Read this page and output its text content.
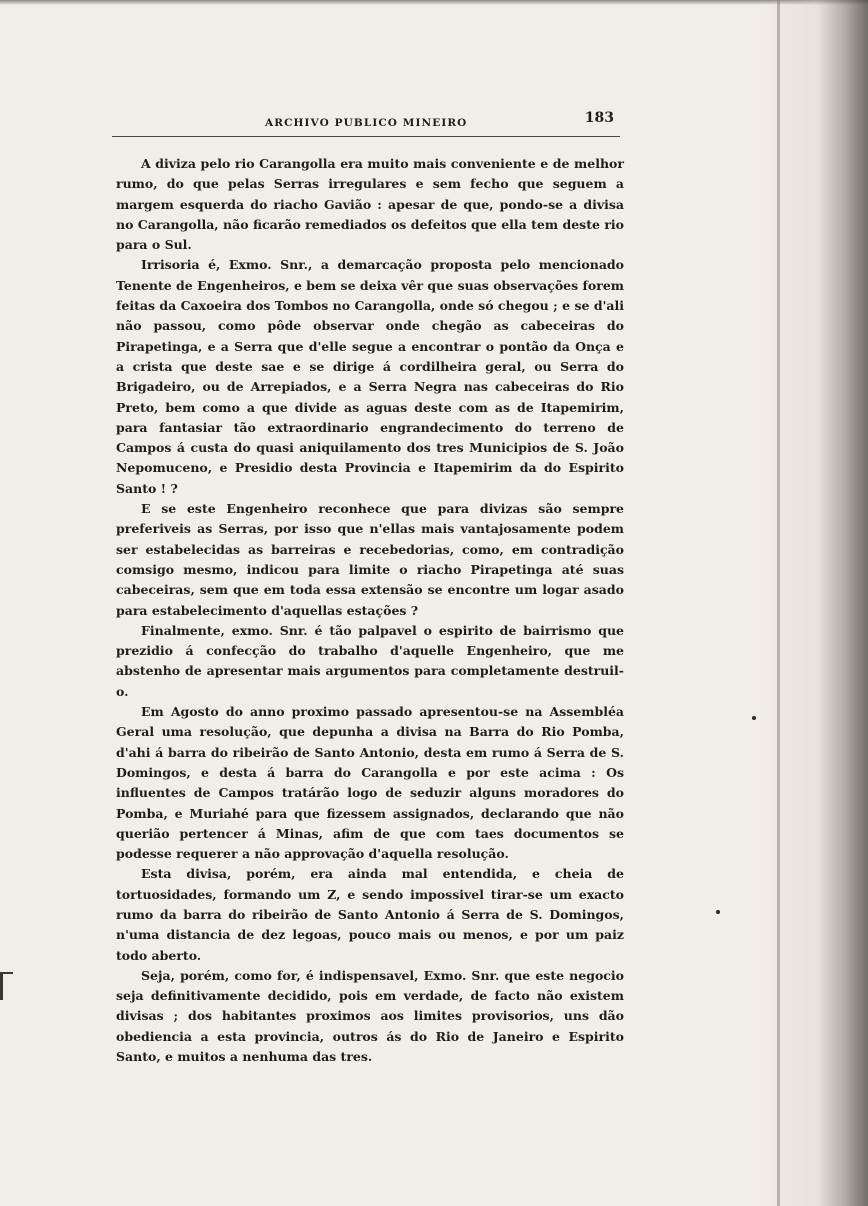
ARCHIVO PUBLICO MINEIRO	183

A diviza pelo rio Carangolla era muito mais conveniente e de melhor rumo, do que pelas Serras irregulares e sem fecho que seguem a margem esquerda do riacho Gavião : apesar de que, pondo-se a divisa no Carangolla, não ficarão remediados os defeitos que ella tem deste rio para o Sul.

Irrisoria é, Exmo. Snr., a demarcação proposta pelo mencionado Tenente de Engenheiros, e bem se deixa vêr que suas observações forem feitas da Caxoeira dos Tombos no Carangolla, onde só chegou ; e se d'ali não passou, como pôde observar onde chegão as cabeceiras do Pirapetinga, e a Serra que d'elle segue a encontrar o pontão da Onça e a crista que deste sae e se dirige á cordilheira geral, ou Serra do Brigadeiro, ou de Arrepiados, e a Serra Negra nas cabeceiras do Rio Preto, bem como a que divide as aguas deste com as de Itapemirim, para fantasiar tão extraordinario engrandecimento do terreno de Campos á custa do quasi aniquilamento dos tres Municipios de S. João Nepomuceno, e Presidio desta Provincia e Itapemirim da do Espirito Santo ! ?

E se este Engenheiro reconhece que para divizas são sempre preferiveis as Serras, por isso que n'ellas mais vantajosamente podem ser estabelecidas as barreiras e recebedorias, como, em contradição comsigo mesmo, indicou para limite o riacho Pirapetinga até suas cabeceiras, sem que em toda essa extensão se encontre um logar asado para estabelecimento d'aquellas estações ?

Finalmente, exmo. Snr. é tão palpavel o espirito de bairrismo que prezidio á confecção do trabalho d'aquelle Engenheiro, que me abstenho de apresentar mais argumentos para completamente destruil-o.

Em Agosto do anno proximo passado apresentou-se na Assembléa Geral uma resolução, que depunha a divisa na Barra do Rio Pomba, d'ahi á barra do ribeirão de Santo Antonio, desta em rumo á Serra de S. Domingos, e desta á barra do Carangolla e por este acima : Os influentes de Campos tratárão logo de seduzir alguns moradores do Pomba, e Muriahé para que fizessem assignados, declarando que não querião pertencer á Minas, afim de que com taes documentos se podesse requerer a não approvação d'aquella resolução.

Esta divisa, porém, era ainda mal entendida, e cheia de tortuosidades, formando um Z, e sendo impossivel tirar-se um exacto rumo da barra do ribeirão de Santo Antonio á Serra de S. Domingos, n'uma distancia de dez legoas, pouco mais ou menos, e por um paiz todo aberto.

Seja, porém, como for, é indispensavel, Exmo. Snr. que este negocio seja definitivamente decidido, pois em verdade, de facto não existem divisas ; dos habitantes proximos aos limites provisorios, uns dão obediencia a esta provincia, outros ás do Rio de Janeiro e Espirito Santo, e muitos a nenhuma das tres.
